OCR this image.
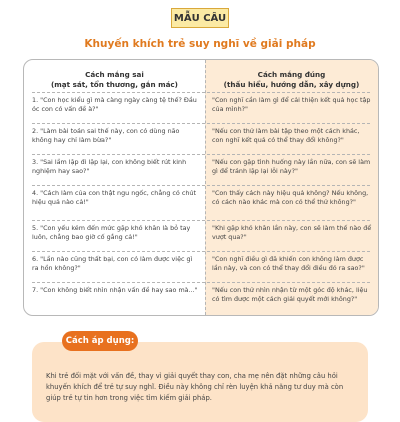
MẪU CÂU

Khuyến khích trẻ suy nghĩ về giải pháp

Cách mắng sai
(mạt sát, tổn thương, gắn mác)
Cách mắng đúng
(thấu hiểu, hướng dẫn, xây dựng)
1. "Con học kiểu gì mà càng ngày càng tệ thế? Đầu óc con có vấn đề à?"
"Con nghĩ cần làm gì để cải thiện kết quả học tập của mình?"
2. "Làm bài toán sai thế này, con có dùng não không hay chỉ làm bừa?"
"Nếu con thử làm bài tập theo một cách khác, con nghĩ kết quả có thể thay đổi không?"
3. "Sai lầm lặp đi lặp lại, con không biết rút kinh nghiệm hay sao?"
"Nếu con gặp tình huống này lần nữa, con sẽ làm gì để tránh lặp lại lỗi này?"
4. "Cách làm của con thật ngu ngốc, chẳng có chút hiệu quả nào cả!"
"Con thấy cách này hiệu quả không? Nếu không, có cách nào khác mà con có thể thử không?"
5. "Con yếu kém đến mức gặp khó khăn là bỏ tay luôn, chẳng bao giờ cố gắng cả!"
"Khi gặp khó khăn lần này, con sẽ làm thế nào để vượt qua?"
6. "Lần nào cũng thất bại, con có làm được việc gì ra hồn không?"
"Con nghĩ điều gì đã khiến con không làm được lần này, và con có thể thay đổi điều đó ra sao?"
7. "Con không biết nhìn nhận vấn đề hay sao mà..." "Nếu con thử nhìn nhận từ một góc độ khác, liệu có tìm được một cách giải quyết mới không?"
Cách áp dụng:

Khi trẻ đối mặt với vấn đề, thay vì giải quyết thay con, cha mẹ nên đặt những câu hỏi khuyến khích để trẻ tự suy nghĩ. Điều này không chỉ rèn luyện khả năng tư duy mà còn giúp trẻ tự tin hơn trong việc tìm kiếm giải pháp.
